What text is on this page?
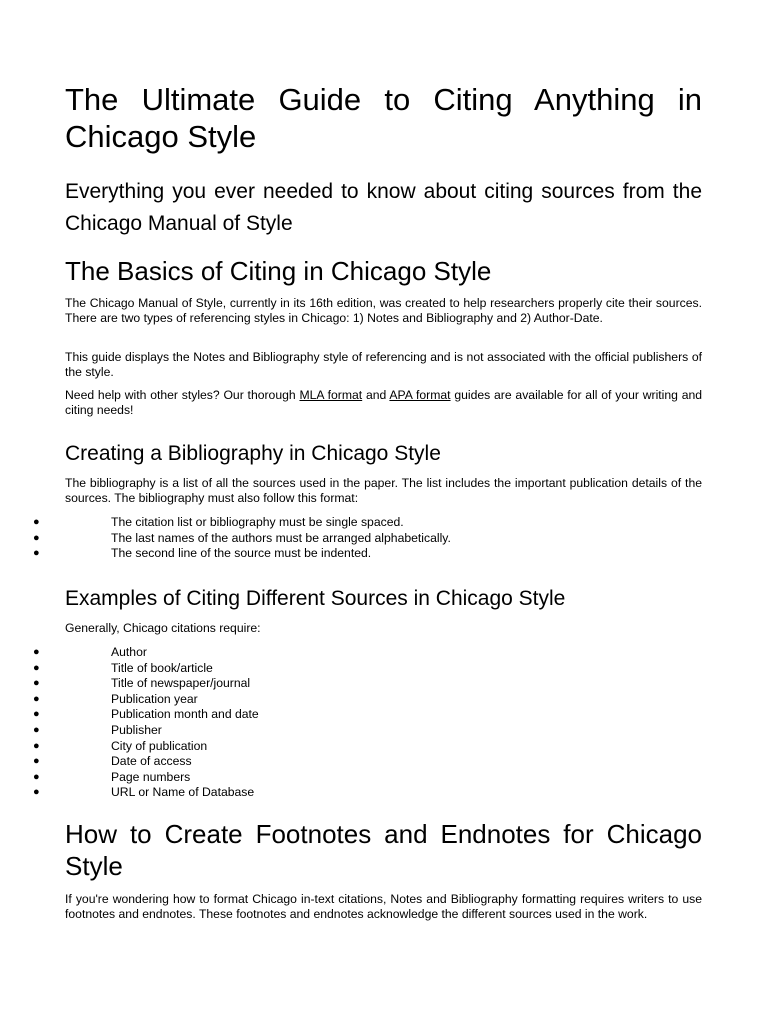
The Ultimate Guide to Citing Anything in Chicago Style

Everything you ever needed to know about citing sources from the Chicago Manual of Style

The Basics of Citing in Chicago Style

The Chicago Manual of Style, currently in its 16th edition, was created to help researchers properly cite their sources. There are two types of referencing styles in Chicago: 1) Notes and Bibliography and 2) Author-Date.

This guide displays the Notes and Bibliography style of referencing and is not associated with the official publishers of the style.

Need help with other styles? Our thorough MLA format and APA format guides are available for all of your writing and citing needs!

Creating a Bibliography in Chicago Style

The bibliography is a list of all the sources used in the paper. The list includes the important publication details of the sources. The bibliography must also follow this format:

●	The citation list or bibliography must be single spaced.
●	The last names of the authors must be arranged alphabetically.
●	The second line of the source must be indented.
Examples of Citing Different Sources in Chicago Style

Generally, Chicago citations require:

●	Author
●	Title of book/article
●	Title of newspaper/journal
●	Publication year
●	Publication month and date
●	Publisher
●	City of publication
●	Date of access
●	Page numbers
●	URL or Name of Database
How to Create Footnotes and Endnotes for Chicago Style

If you're wondering how to format Chicago in-text citations, Notes and Bibliography formatting requires writers to use footnotes and endnotes. These footnotes and endnotes acknowledge the different sources used in the work.
